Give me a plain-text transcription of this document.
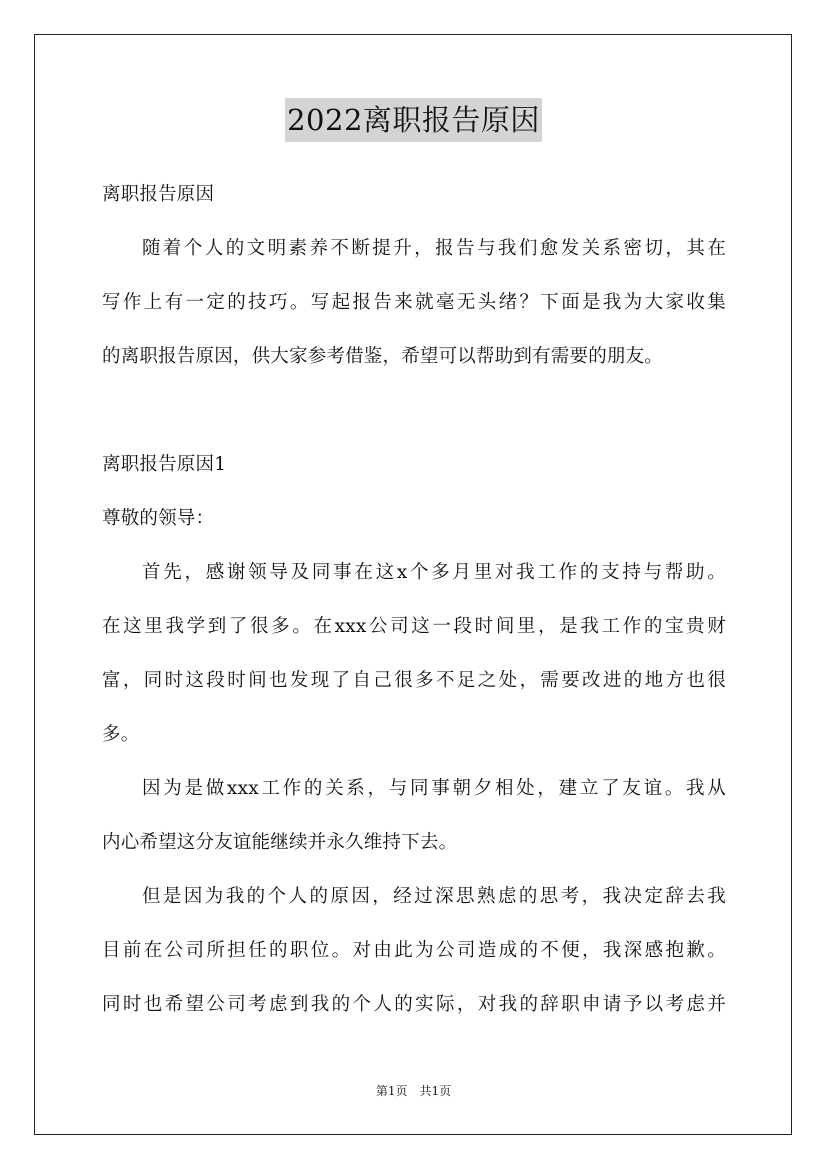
2022离职报告原因
离职报告原因
随着个人的文明素养不断提升，报告与我们愈发关系密切，其在
写作上有一定的技巧。写起报告来就毫无头绪？下面是我为大家收集
的离职报告原因，供大家参考借鉴，希望可以帮助到有需要的朋友。
离职报告原因1
尊敬的领导：
首先，感谢领导及同事在这x个多月里对我工作的支持与帮助。
在这里我学到了很多。在xxx公司这一段时间里，是我工作的宝贵财
富，同时这段时间也发现了自己很多不足之处，需要改进的地方也很
多。
因为是做xxx工作的关系，与同事朝夕相处，建立了友谊。我从
内心希望这分友谊能继续并永久维持下去。
但是因为我的个人的原因，经过深思熟虑的思考，我决定辞去我
目前在公司所担任的职位。对由此为公司造成的不便，我深感抱歉。
同时也希望公司考虑到我的个人的实际，对我的辞职申请予以考虑并
第1页 共1页
